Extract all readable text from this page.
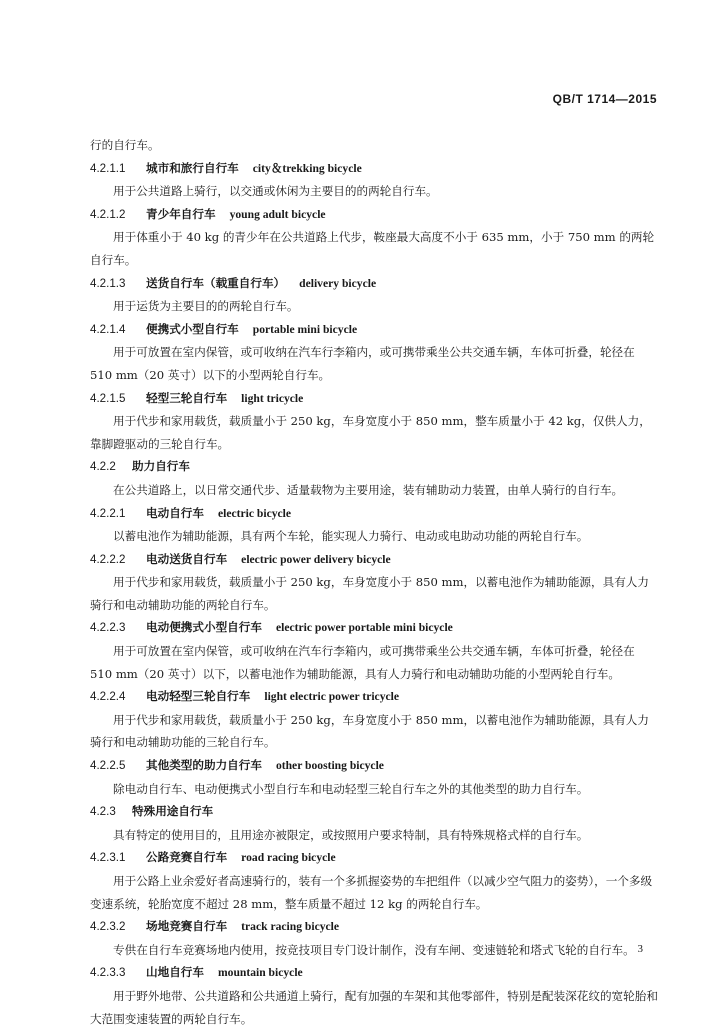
QB/T 1714—2015
行的自行车。
4.2.1.1 城市和旅行自行车 city＆trekking bicycle
用于公共道路上骑行，以交通或休闲为主要目的的两轮自行车。
4.2.1.2 青少年自行车 young adult bicycle
用于体重小于 40 kg 的青少年在公共道路上代步，鞍座最大高度不小于 635 mm，小于 750 mm 的两轮自行车。
4.2.1.3 送货自行车（载重自行车） delivery bicycle
用于运货为主要目的的两轮自行车。
4.2.1.4 便携式小型自行车 portable mini bicycle
用于可放置在室内保管，或可收纳在汽车行李箱内，或可携带乘坐公共交通车辆，车体可折叠，轮径在 510 mm（20 英寸）以下的小型两轮自行车。
4.2.1.5 轻型三轮自行车 light tricycle
用于代步和家用载货，载质量小于 250 kg，车身宽度小于 850 mm，整车质量小于 42 kg，仅供人力，靠脚蹬驱动的三轮自行车。
4.2.2 助力自行车
在公共道路上，以日常交通代步、适量载物为主要用途，装有辅助动力装置，由单人骑行的自行车。
4.2.2.1 电动自行车 electric bicycle
以蓄电池作为辅助能源，具有两个车轮，能实现人力骑行、电动或电助动功能的两轮自行车。
4.2.2.2 电动送货自行车 electric power delivery bicycle
用于代步和家用载货，载质量小于 250 kg，车身宽度小于 850 mm，以蓄电池作为辅助能源，具有人力骑行和电动辅助功能的两轮自行车。
4.2.2.3 电动便携式小型自行车 electric power portable mini bicycle
用于可放置在室内保管，或可收纳在汽车行李箱内，或可携带乘坐公共交通车辆，车体可折叠，轮径在 510 mm（20 英寸）以下，以蓄电池作为辅助能源，具有人力骑行和电动辅助功能的小型两轮自行车。
4.2.2.4 电动轻型三轮自行车 light electric power tricycle
用于代步和家用载货，载质量小于 250 kg，车身宽度小于 850 mm，以蓄电池作为辅助能源，具有人力骑行和电动辅助功能的三轮自行车。
4.2.2.5 其他类型的助力自行车 other boosting bicycle
除电动自行车、电动便携式小型自行车和电动轻型三轮自行车之外的其他类型的助力自行车。
4.2.3 特殊用途自行车
具有特定的使用目的，且用途亦被限定，或按照用户要求特制，具有特殊规格式样的自行车。
4.2.3.1 公路竞赛自行车 road racing bicycle
用于公路上业余爱好者高速骑行的，装有一个多抓握姿势的车把组件（以减少空气阻力的姿势），一个多级变速系统，轮胎宽度不超过 28 mm，整车质量不超过 12 kg 的两轮自行车。
4.2.3.2 场地竞赛自行车 track racing bicycle
专供在自行车竞赛场地内使用，按竞技项目专门设计制作，没有车闸、变速链轮和塔式飞轮的自行车。
4.2.3.3 山地自行车 mountain bicycle
用于野外地带、公共道路和公共通道上骑行，配有加强的车架和其他零部件，特别是配装深花纹的宽轮胎和大范围变速装置的两轮自行车。
3
